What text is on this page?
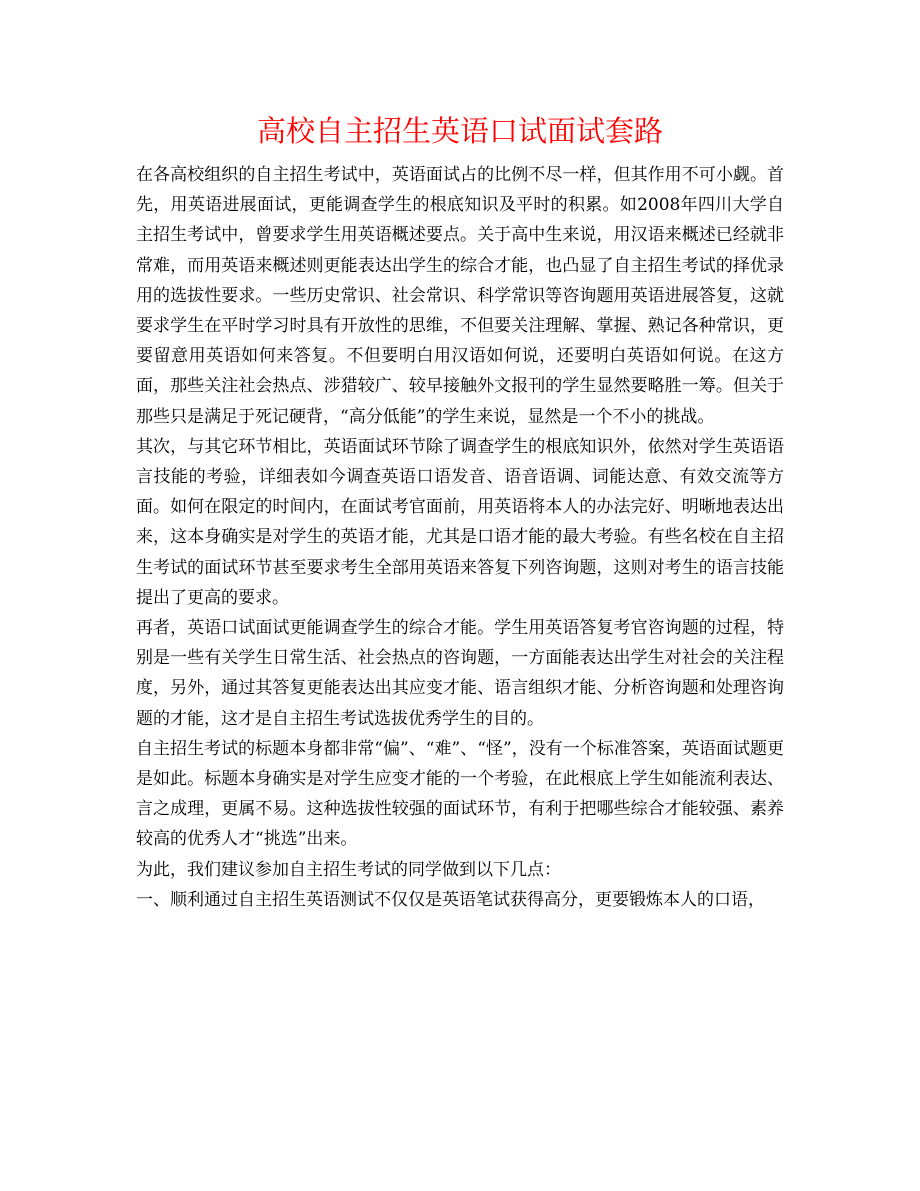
高校自主招生英语口试面试套路

在各高校组织的自主招生考试中，英语面试占的比例不尽一样，但其作用不可小觑。首先，用英语进展面试，更能调查学生的根底知识及平时的积累。如2008年四川大学自主招生考试中，曾要求学生用英语概述要点。关于高中生来说，用汉语来概述已经就非常难，而用英语来概述则更能表达出学生的综合才能，也凸显了自主招生考试的择优录用的选拔性要求。一些历史常识、社会常识、科学常识等咨询题用英语进展答复，这就要求学生在平时学习时具有开放性的思维，不但要关注理解、掌握、熟记各种常识，更要留意用英语如何来答复。不但要明白用汉语如何说，还要明白英语如何说。在这方面，那些关注社会热点、涉猎较广、较早接触外文报刊的学生显然要略胜一筹。但关于那些只是满足于死记硬背，“高分低能”的学生来说，显然是一个不小的挑战。

其次，与其它环节相比，英语面试环节除了调查学生的根底知识外，依然对学生英语语言技能的考验，详细表如今调查英语口语发音、语音语调、词能达意、有效交流等方面。如何在限定的时间内，在面试考官面前，用英语将本人的办法完好、明晰地表达出来，这本身确实是对学生的英语才能，尤其是口语才能的最大考验。有些名校在自主招生考试的面试环节甚至要求考生全部用英语来答复下列咨询题，这则对考生的语言技能提出了更高的要求。

再者，英语口试面试更能调查学生的综合才能。学生用英语答复考官咨询题的过程，特别是一些有关学生日常生活、社会热点的咨询题，一方面能表达出学生对社会的关注程度，另外，通过其答复更能表达出其应变才能、语言组织才能、分析咨询题和处理咨询题的才能，这才是自主招生考试选拔优秀学生的目的。

自主招生考试的标题本身都非常“偏”、“难”、“怪”，没有一个标准答案，英语面试题更是如此。标题本身确实是对学生应变才能的一个考验，在此根底上学生如能流利表达、言之成理，更属不易。这种选拔性较强的面试环节，有利于把哪些综合才能较强、素养较高的优秀人才“挑选”出来。

为此，我们建议参加自主招生考试的同学做到以下几点：

一、顺利通过自主招生英语测试不仅仅是英语笔试获得高分，更要锻炼本人的口语，
